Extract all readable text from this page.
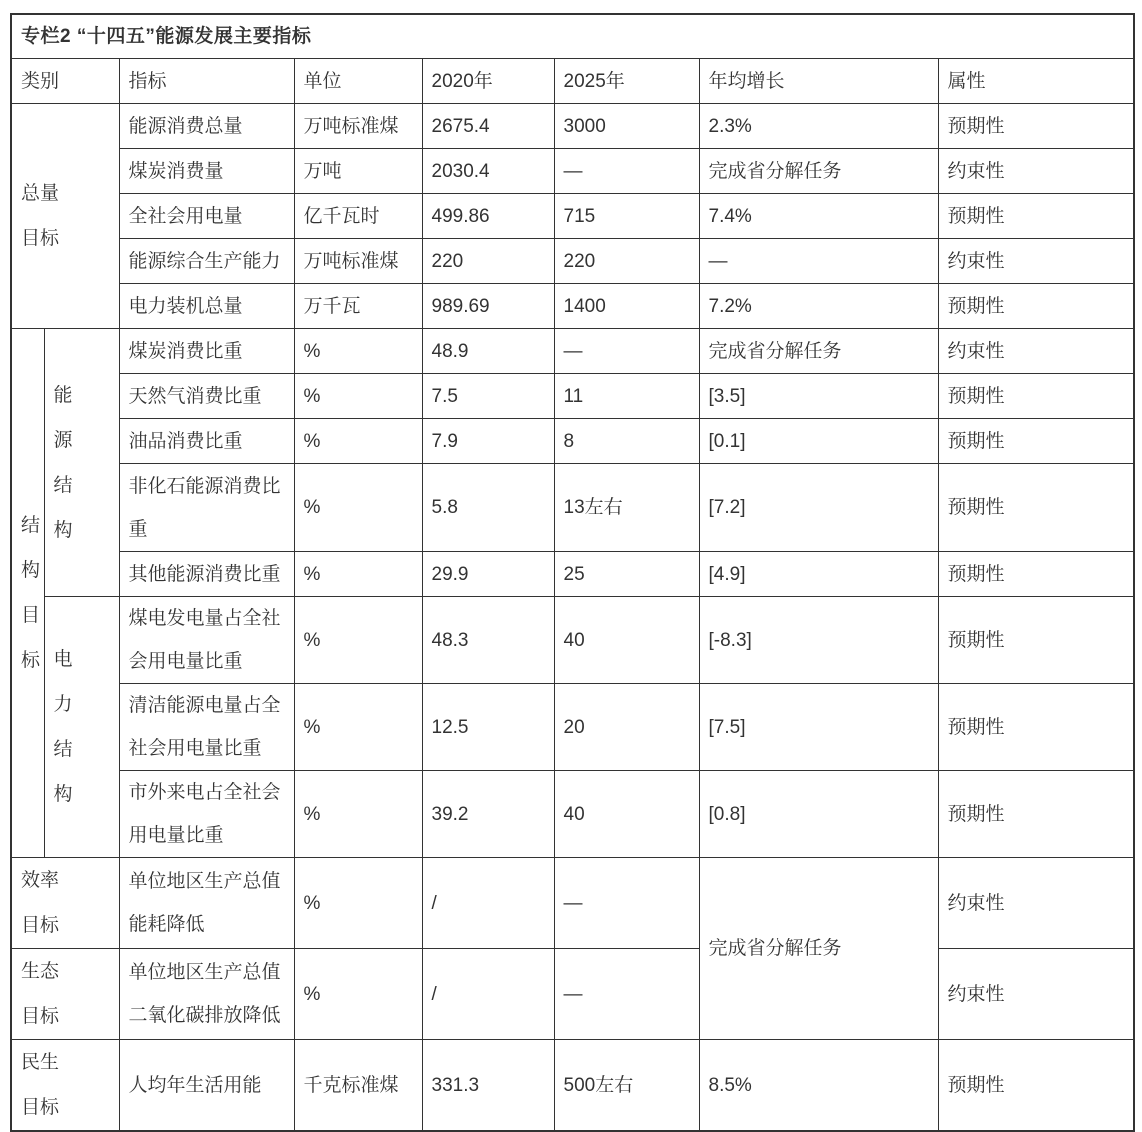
专栏2 “十四五”能源发展主要指标							
类别		指标	单位	2020年	2025年	年均增长	属性
总量目标		能源消费总量	万吨标准煤	2675.4	3000	2.3%	预期性
		煤炭消费量	万吨	2030.4	—	完成省分解任务	约束性
		全社会用电量	亿千瓦时	499.86	715	7.4%	预期性
		能源综合生产能力	万吨标准煤	220	220	—	约束性
		电力装机总量	万千瓦	989.69	1400	7.2%	预期性
结构目标	能源结构	煤炭消费比重	%	48.9	—	完成省分解任务	约束性
		天然气消费比重	%	7.5	11	[3.5]	预期性
		油品消费比重	%	7.9	8	[0.1]	预期性
		非化石能源消费比重	%	5.8	13左右	[7.2]	预期性
		其他能源消费比重	%	29.9	25	[4.9]	预期性
	电力结构	煤电发电量占全社会用电量比重	%	48.3	40	[-8.3]	预期性
		清洁能源电量占全社会用电量比重	%	12.5	20	[7.5]	预期性
		市外来电占全社会用电量比重	%	39.2	40	[0.8]	预期性
效率目标		单位地区生产总值能耗降低	%	/	—	完成省分解任务	约束性
生态目标		单位地区生产总值二氧化碳排放降低	%	/	—		约束性
民生目标		人均年生活用能	千克标准煤	331.3	500左右	8.5%	预期性
